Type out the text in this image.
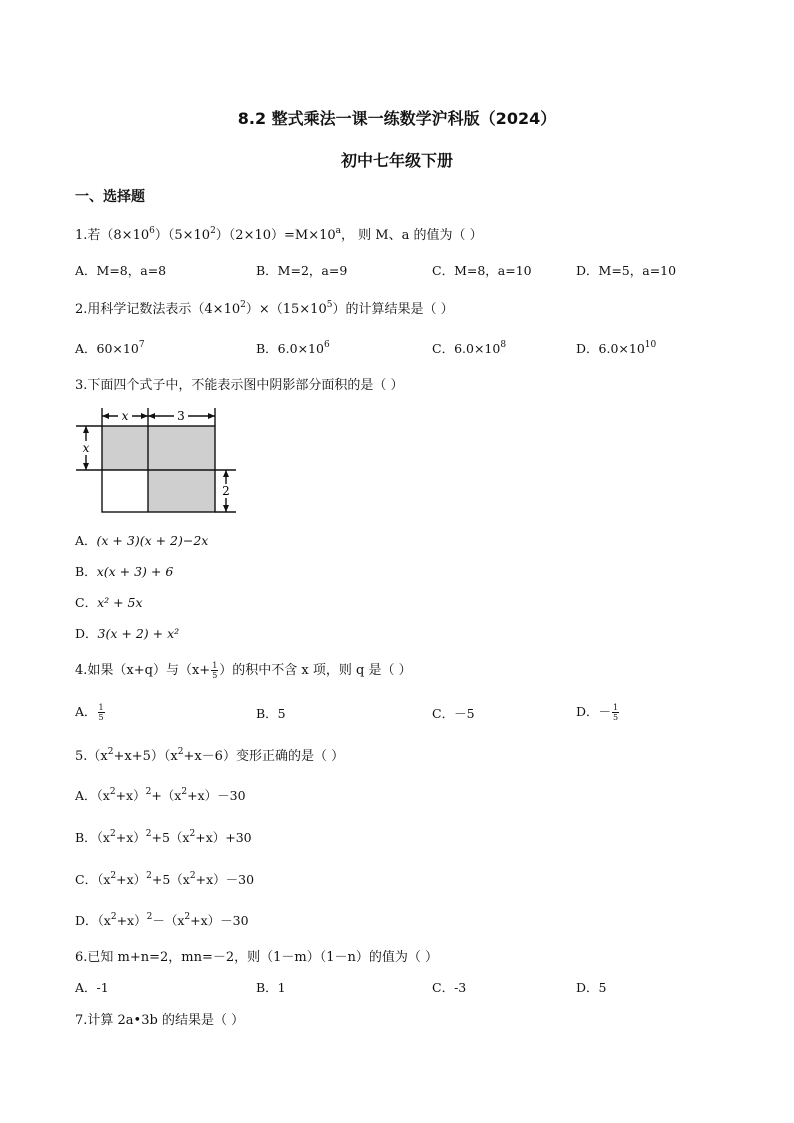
8.2 整式乘法一课一练数学沪科版（2024）
初中七年级下册
一、选择题
1.若$(8\times 10^6)(5\times 10^2)(2\times 10)=M\times 10^a$， 则 M、a 的值为（ ）
A．M=8，a=8	B．M=2，a=9	C．M=8，a=10	D．M=5，a=10
2.用科学记数法表示$(4\times 10^2)\times(15\times 10^5)$的计算结果是（ ）
A．$60\times 10^7$	B．$6.0\times 10^6$	C．$6.0\times 10^8$	D．$6.0\times 10^{10}$
3.下面四个式子中，不能表示图中阴影部分面积的是（ ）
x	3
x
2
A．(x + 3)(x + 2)−2x
B．x(x + 3) + 6
C．x² + 5x
D．3(x + 2) + x²
4.如果（x+q）与（$x+ \frac{1}{5}$ ）的积中不含 x 项，则 q 是（ ）
A． $\frac{1}{5}$	B．5	C．－5	D．－ $\frac{1}{5}$
$5.(x^2+x+5)(x^2+x-6)$变形正确的是（ ）
A．$(x^2+x)^2+(x^2+x)-30$
B．$(x^2+x)^2+5(x^2+x)+30$
C．$(x^2+x)^2+5(x^2+x)-30$
D．$(x^2+x)^2-(x^2+x)-30$
6.已知 m+n=2，mn=－2，则（1－m）（1－n）的值为（ ）
A．-1	B．1	C．-3	D．5
7.计算 2a•3b 的结果是（ ）
